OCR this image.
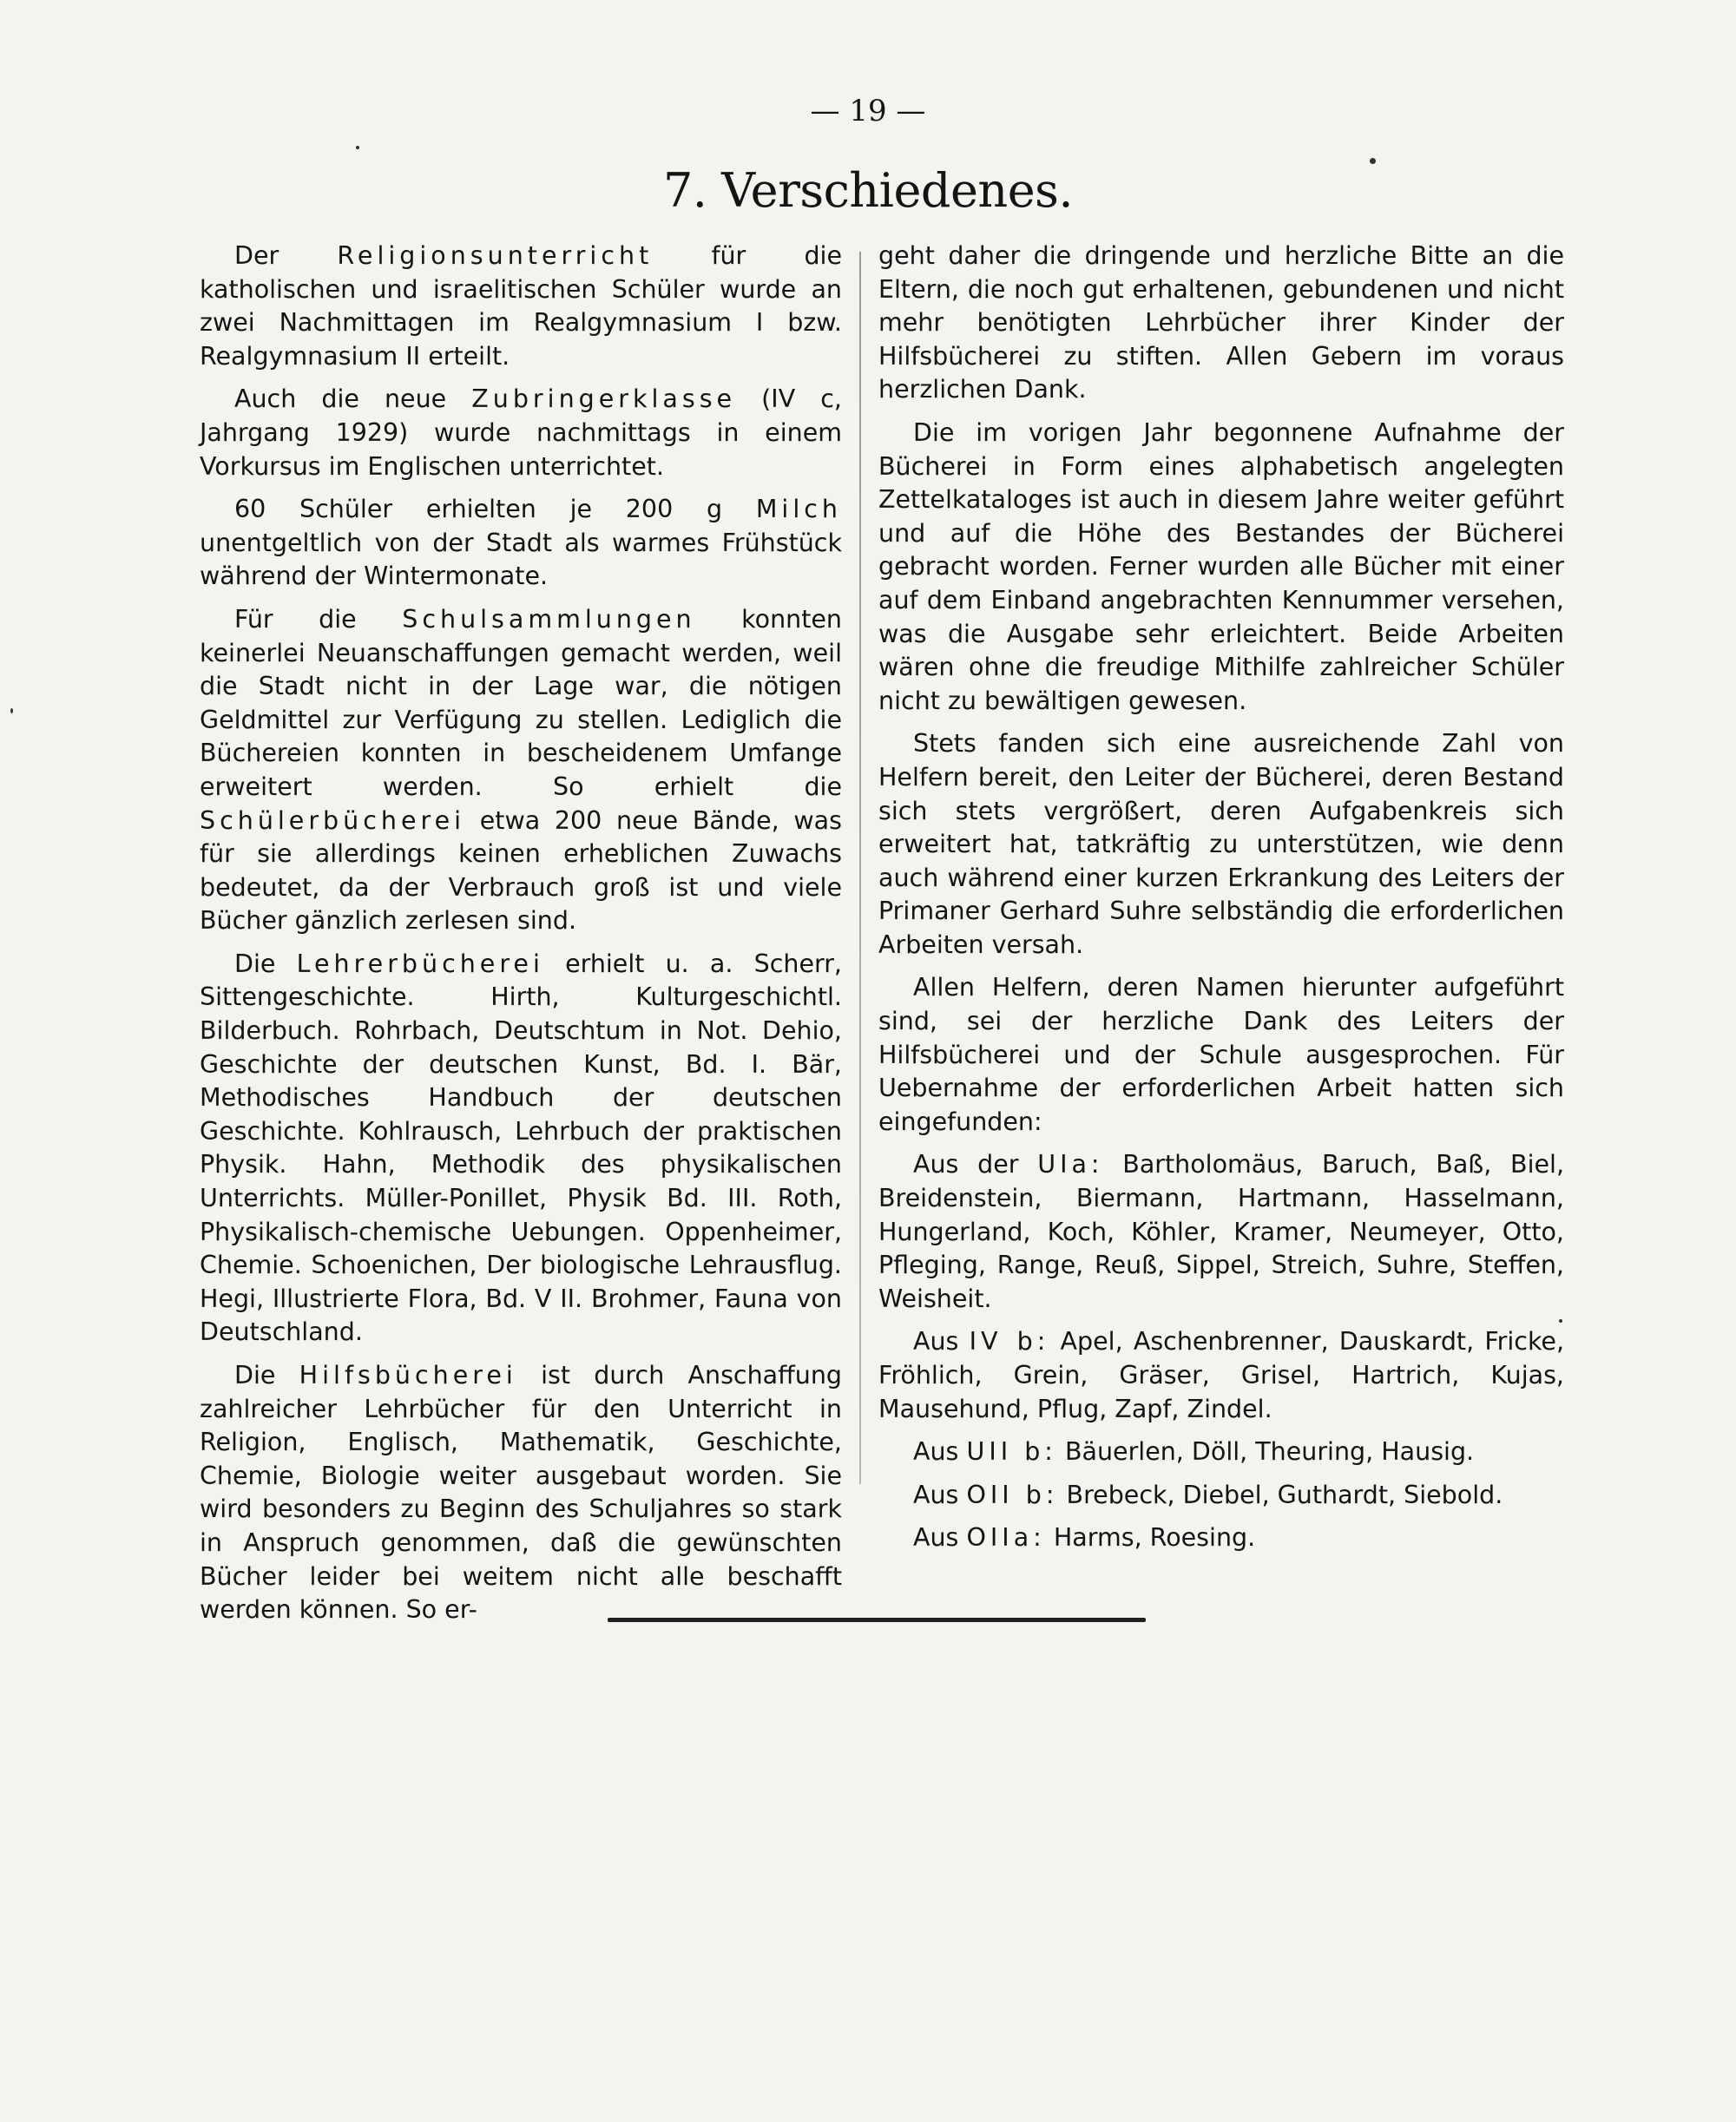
— 19 —
7. Verschiedenes.

Der Religionsunterricht für die katholischen und israelitischen Schüler wurde an zwei Nachmittagen im Realgymnasium I bzw. Realgymnasium II erteilt.

Auch die neue Zubringerklasse (IV c, Jahrgang 1929) wurde nachmittags in einem Vorkursus im Englischen unterrichtet.

60 Schüler erhielten je 200 g Milch unentgeltlich von der Stadt als warmes Frühstück während der Wintermonate.

Für die Schulsammlungen konnten keinerlei Neuanschaffungen gemacht werden, weil die Stadt nicht in der Lage war, die nötigen Geldmittel zur Verfügung zu stellen. Lediglich die Büchereien konnten in bescheidenem Umfange erweitert werden. So erhielt die Schülerbücherei etwa 200 neue Bände, was für sie allerdings keinen erheblichen Zuwachs bedeutet, da der Verbrauch groß ist und viele Bücher gänzlich zerlesen sind.

Die Lehrerbücherei erhielt u. a. Scherr, Sittengeschichte. Hirth, Kulturgeschichtl. Bilderbuch. Rohrbach, Deutschtum in Not. Dehio, Geschichte der deutschen Kunst, Bd. I. Bär, Methodisches Handbuch der deutschen Geschichte. Kohlrausch, Lehrbuch der praktischen Physik. Hahn, Methodik des physikalischen Unterrichts. Müller-Ponillet, Physik Bd. III. Roth, Physikalisch-chemische Uebungen. Oppenheimer, Chemie. Schoenichen, Der biologische Lehrausflug. Hegi, Illustrierte Flora, Bd. V II. Brohmer, Fauna von Deutschland.

Die Hilfsbücherei ist durch Anschaffung zahlreicher Lehrbücher für den Unterricht in Religion, Englisch, Mathematik, Geschichte, Chemie, Biologie weiter ausgebaut worden. Sie wird besonders zu Beginn des Schuljahres so stark in Anspruch genommen, daß die gewünschten Bücher leider bei weitem nicht alle beschafft werden können. So er-

geht daher die dringende und herzliche Bitte an die Eltern, die noch gut erhaltenen, gebundenen und nicht mehr benötigten Lehrbücher ihrer Kinder der Hilfsbücherei zu stiften. Allen Gebern im voraus herzlichen Dank.

Die im vorigen Jahr begonnene Aufnahme der Bücherei in Form eines alphabetisch angelegten Zettelkataloges ist auch in diesem Jahre weiter geführt und auf die Höhe des Bestandes der Bücherei gebracht worden. Ferner wurden alle Bücher mit einer auf dem Einband angebrachten Kennummer versehen, was die Ausgabe sehr erleichtert. Beide Arbeiten wären ohne die freudige Mithilfe zahlreicher Schüler nicht zu bewältigen gewesen.

Stets fanden sich eine ausreichende Zahl von Helfern bereit, den Leiter der Bücherei, deren Bestand sich stets vergrößert, deren Aufgabenkreis sich erweitert hat, tatkräftig zu unterstützen, wie denn auch während einer kurzen Erkrankung des Leiters der Primaner Gerhard Suhre selbständig die erforderlichen Arbeiten versah.

Allen Helfern, deren Namen hierunter aufgeführt sind, sei der herzliche Dank des Leiters der Hilfsbücherei und der Schule ausgesprochen. Für Uebernahme der erforderlichen Arbeit hatten sich eingefunden:

Aus der UIa: Bartholomäus, Baruch, Baß, Biel, Breidenstein, Biermann, Hartmann, Hasselmann, Hungerland, Koch, Köhler, Kramer, Neumeyer, Otto, Pfleging, Range, Reuß, Sippel, Streich, Suhre, Steffen, Weisheit.

Aus IV b: Apel, Aschenbrenner, Dauskardt, Fricke, Fröhlich, Grein, Gräser, Grisel, Hartrich, Kujas, Mausehund, Pflug, Zapf, Zindel.

Aus UII b: Bäuerlen, Döll, Theuring, Hausig.

Aus OII b: Brebeck, Diebel, Guthardt, Siebold.

Aus OIIa: Harms, Roesing.
